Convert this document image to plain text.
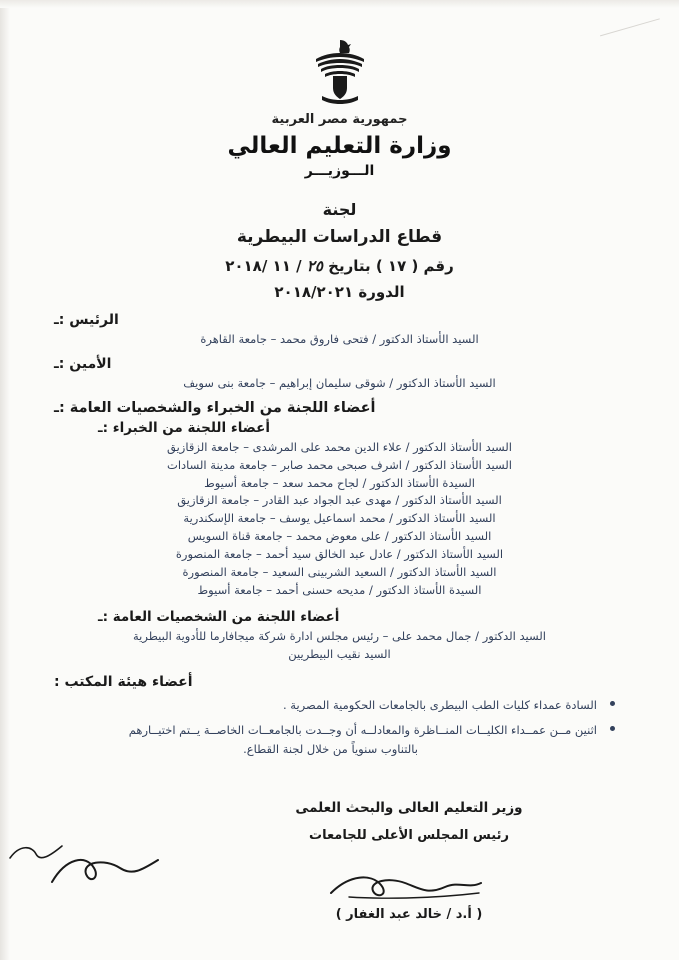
جمهورية مصر العربية
وزارة التعليم العالي
الـــوزيـــر
لجنة
قطاع الدراسات البيطرية
رقم ( ١٧ ) بتاريخ ٢٥ / ١١ /٢٠١٨
الدورة ٢٠١٨/٢٠٢١
الرئيس :ـ
السيد الأستاذ الدكتور / فتحى فاروق محمد – جامعة القاهرة
الأمين :ـ
السيد الأستاذ الدكتور / شوقى سليمان إبراهيم – جامعة بنى سويف
أعضاء اللجنة من الخبراء والشخصيات العامة :ـ
أعضاء اللجنة من الخبراء :ـ
السيد الأستاذ الدكتور / علاء الدين محمد على المرشدى – جامعة الزقازيق
السيد الأستاذ الدكتور / اشرف صبحى محمد صابر – جامعة مدينة السادات
السيدة الأستاذ الدكتور / لجاح محمد سعد – جامعة أسيوط
السيد الأستاذ الدكتور / مهدى عبد الجواد عبد القادر – جامعة الزقازيق
السيد الأستاذ الدكتور / محمد اسماعيل يوسف – جامعة الإسكندرية
السيد الأستاذ الدكتور / على معوض محمد – جامعة قناة السويس
السيد الأستاذ الدكتور / عادل عبد الخالق سيد أحمد – جامعة المنصورة
السيد الأستاذ الدكتور / السعيد الشربينى السعيد – جامعة المنصورة
السيدة الأستاذ الدكتور / مديحه حسنى أحمد – جامعة أسيوط
أعضاء اللجنة من الشخصيات العامة :ـ
السيد الدكتور / جمال محمد على – رئيس مجلس ادارة شركة ميجافارما للأدوية البيطرية
السيد نقيب البيطريين
أعضاء هيئة المكتب :
السادة عمداء كليات الطب البيطرى بالجامعات الحكومية المصرية .
اثنين مــن عمــداء الكليــات المنــاظرة والمعادلــه أن وجــدت بالجامعــات الخاصــة يــتم اختيــارهم
بالتناوب سنوياً من خلال لجنة القطاع.
وزير التعليم العالى والبحث العلمى
رئيس المجلس الأعلى للجامعات
( أ.د / خالد عبد الغفار )
